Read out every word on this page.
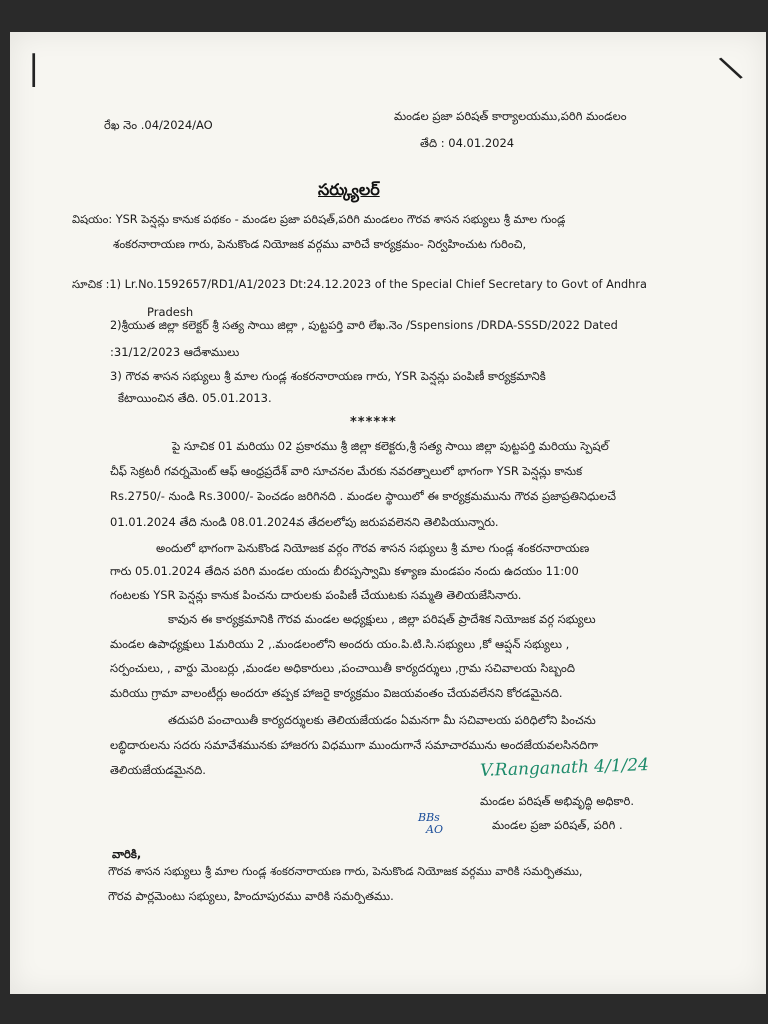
|	\
రేఖ నెం .04/2024/AO
మండల ప్రజా పరిషత్ కార్యాలయము,పరిగి మండలం
తేది : 04.01.2024
సర్క్యులర్
విషయం: YSR పెన్షన్లు కానుక పథకం - మండల ప్రజా పరిషత్,పరిగి మండలం గౌరవ శాసన సభ్యులు శ్రీ మాల గుండ్ల
శంకరనారాయణ గారు, పెనుకొండ నియోజక వర్గము వారిచే కార్యక్రమం- నిర్వహించుట గురించి,
సూచిక :1) Lr.No.1592657/RD1/A1/2023 Dt:24.12.2023 of the Special Chief Secretary to Govt of Andhra
Pradesh
2)శ్రీయుత జిల్లా కలెక్టర్ శ్రీ సత్య సాయి జిల్లా , పుట్టపర్తి వారి లేఖ.నెం /Sspensions /DRDA-SSSD/2022 Dated
:31/12/2023 ఆదేశాములు
3) గౌరవ శాసన సభ్యులు శ్రీ మాల గుండ్ల శంకరనారాయణ గారు, YSR పెన్షన్లు పంపిణీ కార్యక్రమానికి
కేటాయించిన తేది. 05.01.2013.
******
పై సూచిక 01 మరియు 02 ప్రకారము శ్రీ జిల్లా కలెక్టరు,శ్రీ సత్య సాయి జిల్లా పుట్టపర్తి మరియు స్పెషల్
చీఫ్ సెక్రటరీ గవర్నమెంట్ ఆఫ్ ఆంధ్రప్రదేశ్ వారి సూచనల మేరకు నవరత్నాలులో భాగంగా YSR పెన్షన్లు కానుక
Rs.2750/- నుండి Rs.3000/- పెంచడం జరిగినది . మండల స్థాయిలో ఈ కార్యక్రమమును గౌరవ ప్రజాప్రతినిధులచే
01.01.2024 తేది నుండి 08.01.2024వ తేదలలోపు జరుపవలెనని తెలిపియున్నారు.
అందులో భాగంగా పెనుకొండ నియోజక వర్గం గౌరవ శాసన సభ్యులు శ్రీ మాల గుండ్ల శంకరనారాయణ
గారు 05.01.2024 తేదిన పరిగి మండల యందు బీరప్పస్వామి కళ్యాణ మండపం నందు ఉదయం 11:00
గంటలకు YSR పెన్షన్లు కానుక పించను దారులకు పంపిణీ చేయుటకు సమ్మతి తెలియజేసినారు.
కావున ఈ కార్యక్రమానికి గౌరవ మండల అధ్యక్షులు , జిల్లా పరిషత్ ప్రాదేశిక నియోజక వర్గ సభ్యులు
మండల ఉపాధ్యక్షులు 1మరియు 2 ,.మండలంలోని అందరు యం.పి.టి.సి.సభ్యులు ,కో ఆప్షన్ సభ్యులు ,
సర్పంచులు, , వార్డు మెంబర్లు ,మండల అధికారులు ,పంచాయితీ కార్యదర్శులు ,గ్రామ సచివాలయ సిబ్బంది
మరియు గ్రామా వాలంటీర్లు అందరూ తప్పక హాజరై కార్యక్రమం విజయవంతం చేయవలేనని కోరడమైనది.
తదుపరి పంచాయితీ కార్యదర్శులకు తెలియజేయడం ఏమనగా మీ సచివాలయ పరిధిలోని పించను
లబ్ధిదారులను సదరు సమావేశమునకు హాజరగు విధముగా ముందుగానే సమాచారమును అందజేయవలసినదిగా
తెలియజేయడమైనది.	V.Ranganath 4/1/24
మండల పరిషత్ అభివృద్ధి అధికారి.
మండల ప్రజా పరిషత్, పరిగి .
BBs
AO
వారికి,
గౌరవ శాసన సభ్యులు శ్రీ మాల గుండ్ల శంకరనారాయణ గారు, పెనుకొండ నియోజక వర్గము వారికి సమర్పితము,
గౌరవ పార్లమెంటు సభ్యులు, హిందూపురము వారికి సమర్పితము.
